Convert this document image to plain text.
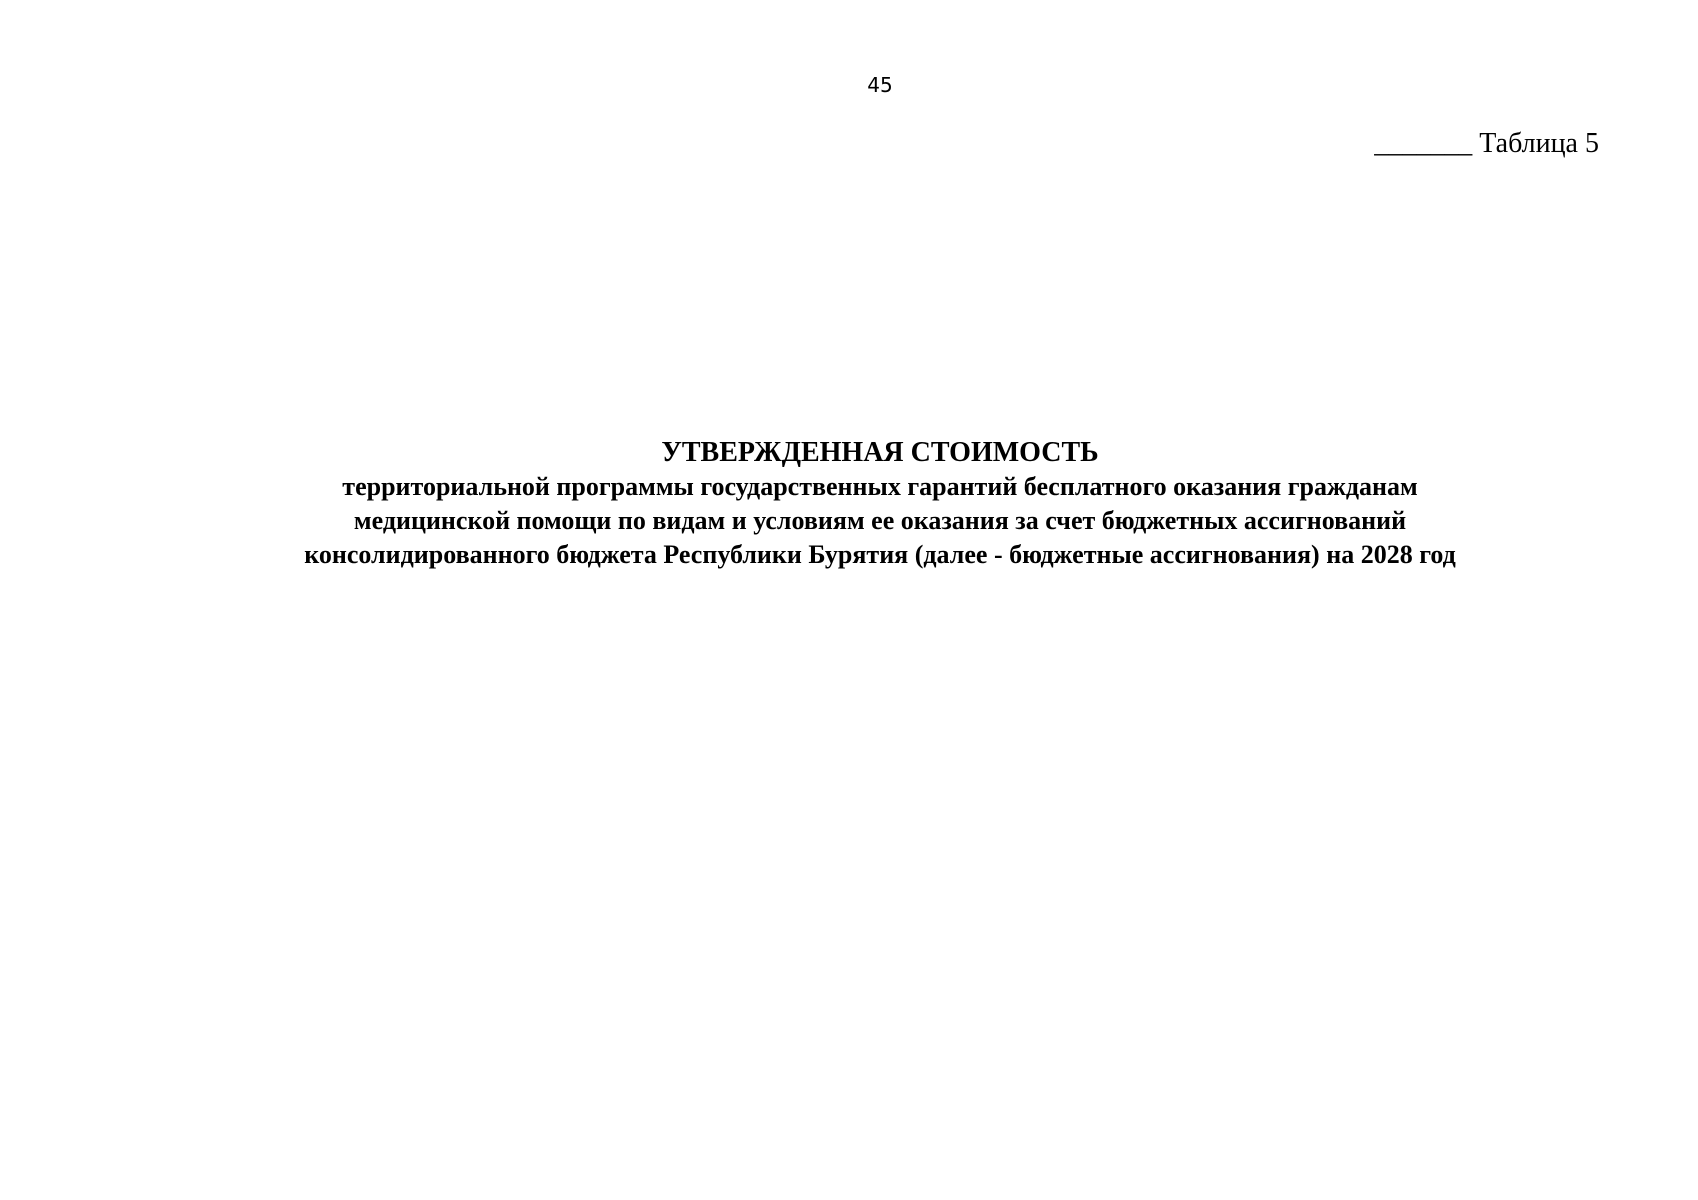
45
_______ Таблица 5
УТВЕРЖДЕННАЯ СТОИМОСТЬ
территориальной программы государственных гарантий бесплатного оказания гражданам
медицинской помощи по видам и условиям ее оказания за счет бюджетных ассигнований
консолидированного бюджета Республики Бурятия (далее - бюджетные ассигнования) на 2028 год
